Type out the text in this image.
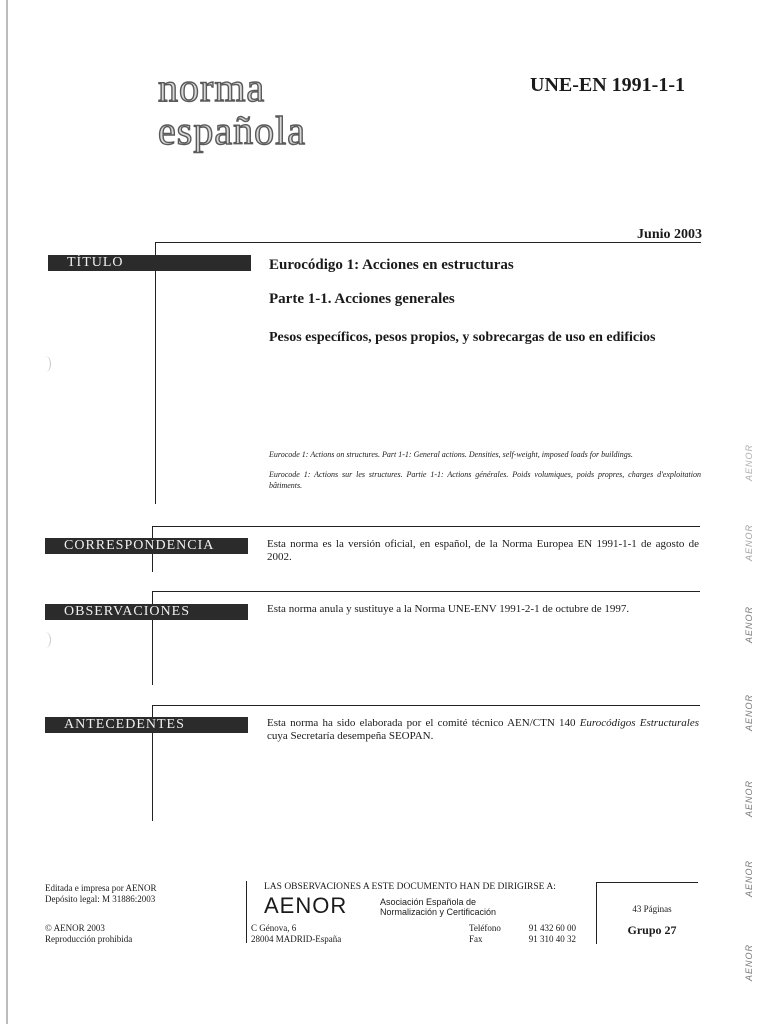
norma
española
UNE-EN 1991-1-1
Junio 2003
TÍTULO	Eurocódigo 1: Acciones en estructuras
Parte 1-1. Acciones generales
Pesos específicos, pesos propios, y sobrecargas de uso en edificios
Eurocode 1: Actions on structures. Part 1-1: General actions. Densities, self-weight, imposed loads for buildings.
Eurocode 1: Actions sur les structures. Partie 1-1: Actions générales. Poids volumiques, poids propres, charges d'exploitation bâtiments.
CORRESPONDENCIA	Esta norma es la versión oficial, en español, de la Norma Europea EN 1991-1-1 de agosto de 2002.
OBSERVACIONES	Esta norma anula y sustituye a la Norma UNE-ENV 1991-2-1 de octubre de 1997.
ANTECEDENTES	Esta norma ha sido elaborada por el comité técnico AEN/CTN 140 Eurocódigos Estructurales cuya Secretaría desempeña SEOPAN.
Editada e impresa por AENOR
Depósito legal: M 31886:2003
© AENOR 2003
Reproducción prohibida
LAS OBSERVACIONES A ESTE DOCUMENTO HAN DE DIRIGIRSE A:
AENOR	Asociación Española de
Normalización y Certificación
C Génova, 6
28004 MADRID-España
Teléfono	91 432 60 00
Fax	91 310 40 32
43 Páginas
Grupo 27
AENOR
AENOR
AENOR
AENOR
AENOR
AENOR
AENOR
